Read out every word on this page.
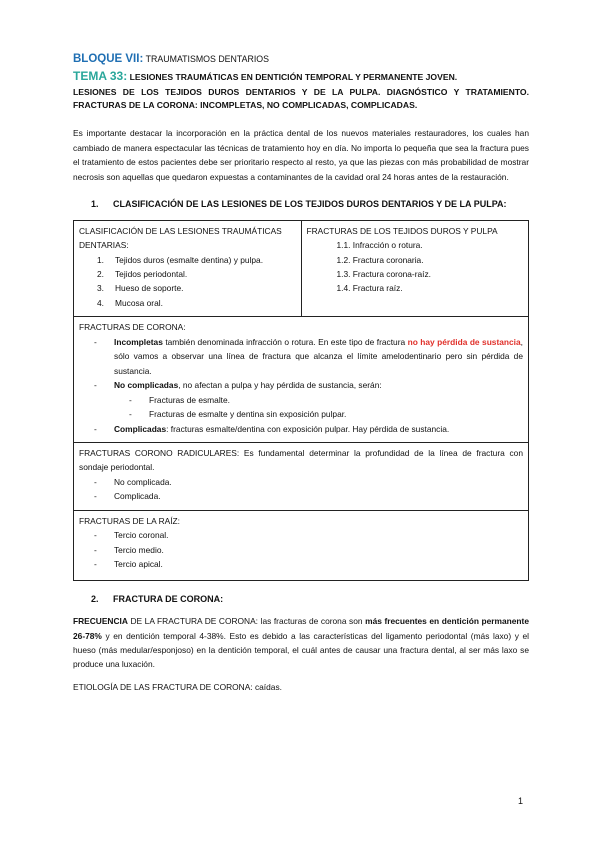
BLOQUE VII: TRAUMATISMOS DENTARIOS
TEMA 33: LESIONES TRAUMÁTICAS EN DENTICIÓN TEMPORAL Y PERMANENTE JOVEN.
LESIONES DE LOS TEJIDOS DUROS DENTARIOS Y DE LA PULPA. DIAGNÓSTICO Y TRATAMIENTO. FRACTURAS DE LA CORONA: INCOMPLETAS, NO COMPLICADAS, COMPLICADAS.
Es importante destacar la incorporación en la práctica dental de los nuevos materiales restauradores, los cuales han cambiado de manera espectacular las técnicas de tratamiento hoy en día. No importa lo pequeña que sea la fractura pues el tratamiento de estos pacientes debe ser prioritario respecto al resto, ya que las piezas con más probabilidad de mostrar necrosis son aquellas que quedaron expuestas a contaminantes de la cavidad oral 24 horas antes de la restauración.
1. CLASIFICACIÓN DE LAS LESIONES DE LOS TEJIDOS DUROS DENTARIOS Y DE LA PULPA:
CLASIFICACIÓN DE LAS LESIONES TRAUMÁTICAS DENTARIAS:
1.	Tejidos duros (esmalte dentina) y pulpa.
2.	Tejidos periodontal.
3.	Hueso de soporte.
4.	Mucosa oral.

FRACTURAS DE LOS TEJIDOS DUROS Y PULPA
1.1. Infracción o rotura.
1.2. Fractura coronaria.
1.3. Fractura corona-raíz.
1.4. Fractura raíz.

FRACTURAS DE CORONA:
- Incompletas también denominada infracción o rotura. En este tipo de fractura no hay pérdida de sustancia, sólo vamos a observar una línea de fractura que alcanza el límite amelodentinario pero sin pérdida de sustancia.
- No complicadas, no afectan a pulpa y hay pérdida de sustancia, serán:
- Fracturas de esmalte.
- Fracturas de esmalte y dentina sin exposición pulpar.
- Complicadas: fracturas esmalte/dentina con exposición pulpar. Hay pérdida de sustancia.

FRACTURAS CORONO RADICULARES: Es fundamental determinar la profundidad de la línea de fractura con sondaje periodontal.
- No complicada.
- Complicada.

FRACTURAS DE LA RAÍZ:
- Tercio coronal.
- Tercio medio.
- Tercio apical.
2. FRACTURA DE CORONA:
FRECUENCIA DE LA FRACTURA DE CORONA: las fracturas de corona son más frecuentes en dentición permanente 26-78% y en dentición temporal 4-38%. Esto es debido a las características del ligamento periodontal (más laxo) y el hueso (más medular/esponjoso) en la dentición temporal, el cuál antes de causar una fractura dental, al ser más laxo se produce una luxación.
ETIOLOGÍA DE LAS FRACTURA DE CORONA: caídas.
1
